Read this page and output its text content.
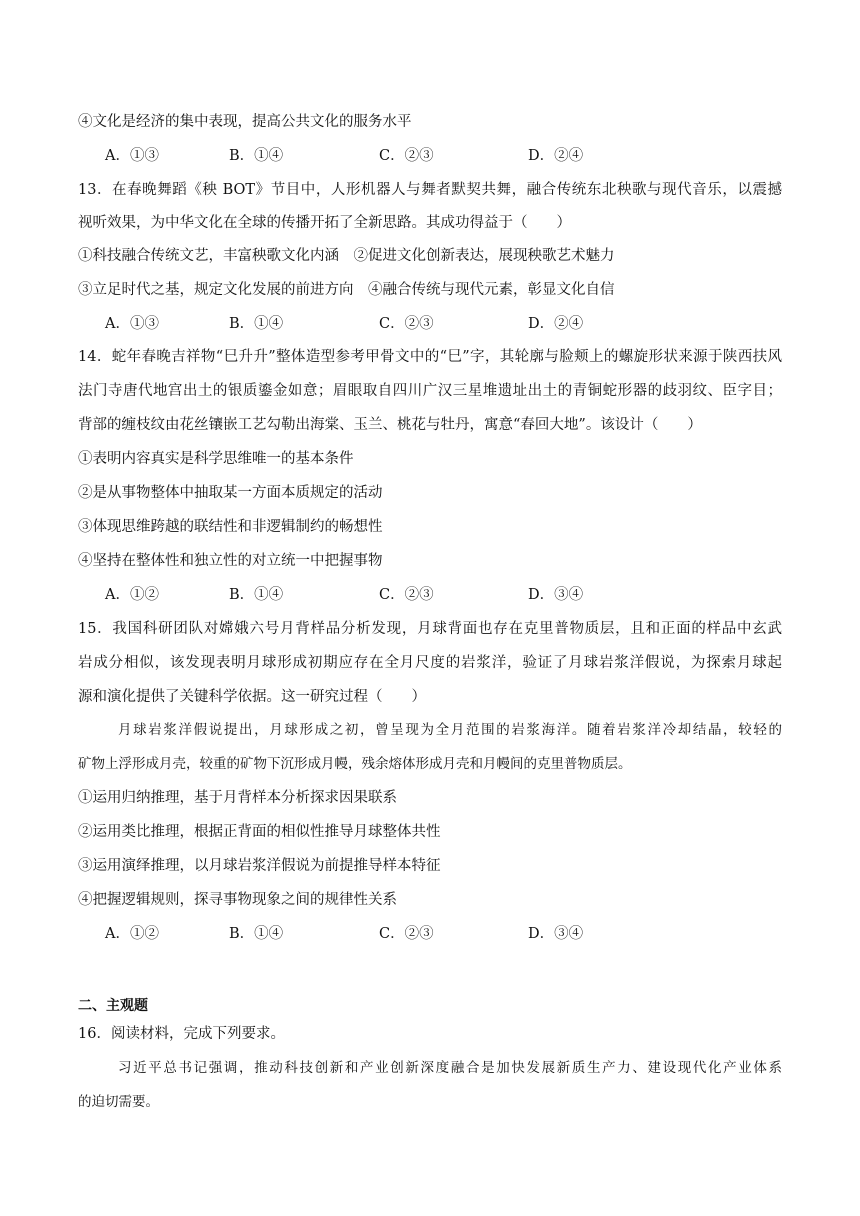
④文化是经济的集中表现，提高公共文化的服务水平
A．①③	B．①④	C．②③	D．②④
13．在春晚舞蹈《秧 BOT》节目中，人形机器人与舞者默契共舞，融合传统东北秧歌与现代音乐，以震撼
视听效果，为中华文化在全球的传播开拓了全新思路。其成功得益于（　　）
①科技融合传统文艺，丰富秧歌文化内涵　②促进文化创新表达，展现秧歌艺术魅力
③立足时代之基，规定文化发展的前进方向　④融合传统与现代元素，彰显文化自信
A．①③	B．①④	C．②③	D．②④
14．蛇年春晚吉祥物“巳升升”整体造型参考甲骨文中的“巳”字，其轮廓与脸颊上的螺旋形状来源于陕西扶风
法门寺唐代地宫出土的银质鎏金如意；眉眼取自四川广汉三星堆遗址出土的青铜蛇形器的歧羽纹、臣字目；
背部的缠枝纹由花丝镶嵌工艺勾勒出海棠、玉兰、桃花与牡丹，寓意“春回大地”。该设计（　　）
①表明内容真实是科学思维唯一的基本条件
②是从事物整体中抽取某一方面本质规定的活动
③体现思维跨越的联结性和非逻辑制约的畅想性
④坚持在整体性和独立性的对立统一中把握事物
A．①②	B．①④	C．②③	D．③④
15．我国科研团队对嫦娥六号月背样品分析发现，月球背面也存在克里普物质层，且和正面的样品中玄武
岩成分相似，该发现表明月球形成初期应存在全月尺度的岩浆洋，验证了月球岩浆洋假说，为探索月球起
源和演化提供了关键科学依据。这一研究过程（　　）
月球岩浆洋假说提出，月球形成之初，曾呈现为全月范围的岩浆海洋。随着岩浆洋冷却结晶，较轻的
矿物上浮形成月壳，较重的矿物下沉形成月幔，残余熔体形成月壳和月幔间的克里普物质层。
①运用归纳推理，基于月背样本分析探求因果联系
②运用类比推理，根据正背面的相似性推导月球整体共性
③运用演绎推理，以月球岩浆洋假说为前提推导样本特征
④把握逻辑规则，探寻事物现象之间的规律性关系
A．①②	B．①④	C．②③	D．③④
二、主观题
16．阅读材料，完成下列要求。
习近平总书记强调，推动科技创新和产业创新深度融合是加快发展新质生产力、建设现代化产业体系
的迫切需要。
